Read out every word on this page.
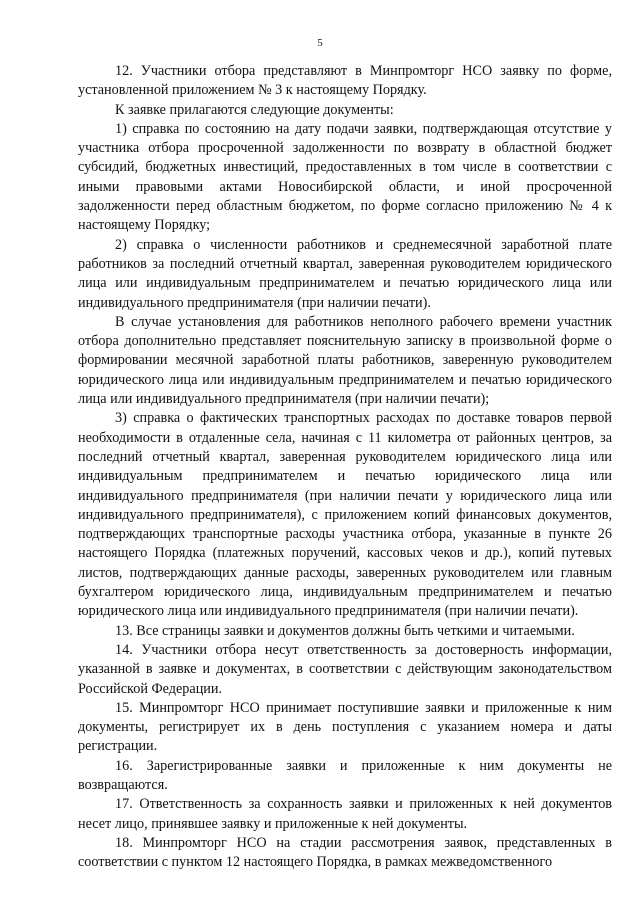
5

12. Участники отбора представляют в Минпромторг НСО заявку по форме, установленной приложением № 3 к настоящему Порядку.

К заявке прилагаются следующие документы:

1) справка по состоянию на дату подачи заявки, подтверждающая отсутствие у участника отбора просроченной задолженности по возврату в областной бюджет субсидий, бюджетных инвестиций, предоставленных в том числе в соответствии с иными правовыми актами Новосибирской области, и иной просроченной задолженности перед областным бюджетом, по форме согласно приложению № 4 к настоящему Порядку;

2) справка о численности работников и среднемесячной заработной плате работников за последний отчетный квартал, заверенная руководителем юридического лица или индивидуальным предпринимателем и печатью юридического лица или индивидуального предпринимателя (при наличии печати).

В случае установления для работников неполного рабочего времени участник отбора дополнительно представляет пояснительную записку в произвольной форме о формировании месячной заработной платы работников, заверенную руководителем юридического лица или индивидуальным предпринимателем и печатью юридического лица или индивидуального предпринимателя (при наличии печати);

3) справка о фактических транспортных расходах по доставке товаров первой необходимости в отдаленные села, начиная с 11 километра от районных центров, за последний отчетный квартал, заверенная руководителем юридического лица или индивидуальным предпринимателем и печатью юридического лица или индивидуального предпринимателя (при наличии печати у юридического лица или индивидуального предпринимателя), с приложением копий финансовых документов, подтверждающих транспортные расходы участника отбора, указанные в пункте 26 настоящего Порядка (платежных поручений, кассовых чеков и др.), копий путевых листов, подтверждающих данные расходы, заверенных руководителем или главным бухгалтером юридического лица, индивидуальным предпринимателем и печатью юридического лица или индивидуального предпринимателя (при наличии печати).

13. Все страницы заявки и документов должны быть четкими и читаемыми.

14. Участники отбора несут ответственность за достоверность информации, указанной в заявке и документах, в соответствии с действующим законодательством Российской Федерации.

15. Минпромторг НСО принимает поступившие заявки и приложенные к ним документы, регистрирует их в день поступления с указанием номера и даты регистрации.

16. Зарегистрированные заявки и приложенные к ним документы не возвращаются.

17. Ответственность за сохранность заявки и приложенных к ней документов несет лицо, принявшее заявку и приложенные к ней документы.

18. Минпромторг НСО на стадии рассмотрения заявок, представленных в соответствии с пунктом 12 настоящего Порядка, в рамках межведомственного
